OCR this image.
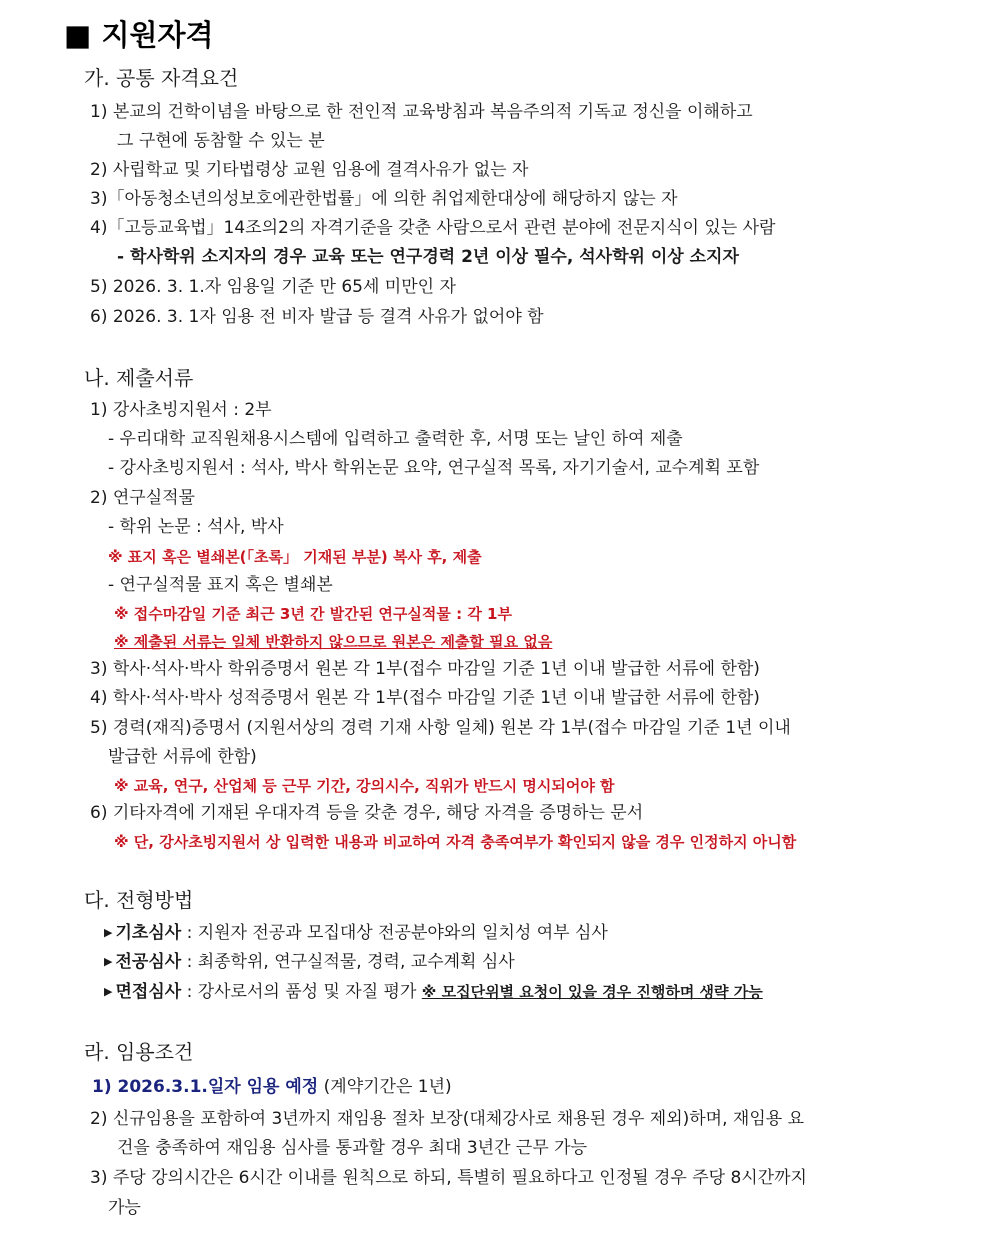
■ 지원자격
가. 공통 자격요건
1) 본교의 건학이념을 바탕으로 한 전인적 교육방침과 복음주의적 기독교 정신을 이해하고
그 구현에 동참할 수 있는 분
2) 사립학교 및 기타법령상 교원 임용에 결격사유가 없는 자
3)「아동청소년의성보호에관한법률」에 의한 취업제한대상에 해당하지 않는 자
4)「고등교육법」14조의2의 자격기준을 갖춘 사람으로서 관련 분야에 전문지식이 있는 사람
- 학사학위 소지자의 경우 교육 또는 연구경력 2년 이상 필수, 석사학위 이상 소지자
5) 2026. 3. 1.자 임용일 기준 만 65세 미만인 자
6) 2026. 3. 1자 임용 전 비자 발급 등 결격 사유가 없어야 함
나. 제출서류
1) 강사초빙지원서 : 2부
- 우리대학 교직원채용시스템에 입력하고 출력한 후, 서명 또는 날인 하여 제출
- 강사초빙지원서 : 석사, 박사 학위논문 요약, 연구실적 목록, 자기기술서, 교수계획 포함
2) 연구실적물
- 학위 논문 : 석사, 박사
※ 표지 혹은 별쇄본(「초록」 기재된 부분) 복사 후, 제출
- 연구실적물 표지 혹은 별쇄본
※ 접수마감일 기준 최근 3년 간 발간된 연구실적물 : 각 1부
※ 제출된 서류는 일체 반환하지 않으므로 원본은 제출할 필요 없음
3) 학사·석사·박사 학위증명서 원본 각 1부(접수 마감일 기준 1년 이내 발급한 서류에 한함)
4) 학사·석사·박사 성적증명서 원본 각 1부(접수 마감일 기준 1년 이내 발급한 서류에 한함)
5) 경력(재직)증명서 (지원서상의 경력 기재 사항 일체) 원본 각 1부(접수 마감일 기준 1년 이내
발급한 서류에 한함)
※ 교육, 연구, 산업체 등 근무 기간, 강의시수, 직위가 반드시 명시되어야 함
6) 기타자격에 기재된 우대자격 등을 갖춘 경우, 해당 자격을 증명하는 문서
※ 단, 강사초빙지원서 상 입력한 내용과 비교하여 자격 충족여부가 확인되지 않을 경우 인정하지 아니함
다. 전형방법
▶ 기초심사 : 지원자 전공과 모집대상 전공분야와의 일치성 여부 심사
▶ 전공심사 : 최종학위, 연구실적물, 경력, 교수계획 심사
▶ 면접심사 : 강사로서의 품성 및 자질 평가 ※ 모집단위별 요청이 있을 경우 진행하며 생략 가능
라. 임용조건
1) 2026.3.1.일자 임용 예정 (계약기간은 1년)
2) 신규임용을 포함하여 3년까지 재임용 절차 보장(대체강사로 채용된 경우 제외)하며, 재임용 요
건을 충족하여 재임용 심사를 통과할 경우 최대 3년간 근무 가능
3) 주당 강의시간은 6시간 이내를 원칙으로 하되, 특별히 필요하다고 인정될 경우 주당 8시간까지
가능
